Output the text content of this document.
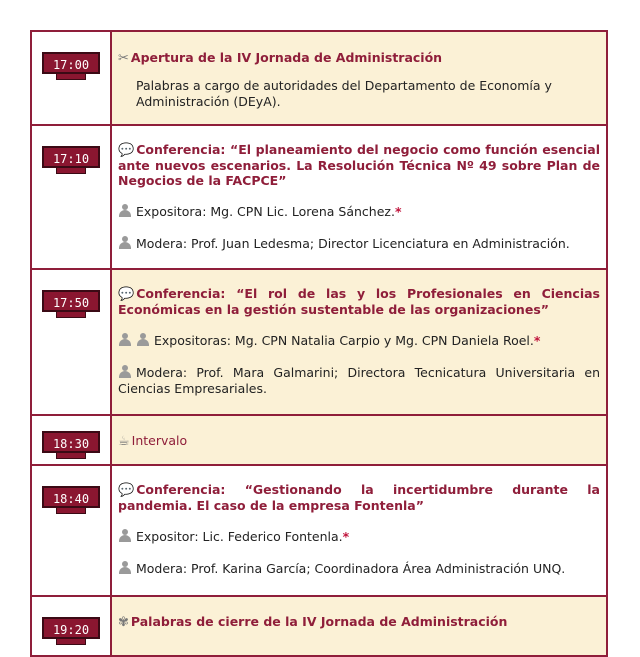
17:00	✂ Apertura de la IV Jornada de Administración
Palabras a cargo de autoridades del Departamento de Economía y Administración (DEyA).

17:10	💬 Conferencia: “El planeamiento del negocio como función esencial ante nuevos escenarios. La Resolución Técnica Nº 49 sobre Plan de Negocios de la FACPCE”
Expositora: Mg. CPN Lic. Lorena Sánchez.*
Modera: Prof. Juan Ledesma; Director Licenciatura en Administración.

17:50	💬 Conferencia: “El rol de las y los Profesionales en Ciencias Económicas en la gestión sustentable de las organizaciones”
Expositoras: Mg. CPN Natalia Carpio y Mg. CPN Daniela Roel.*
Modera: Prof. Mara Galmarini; Directora Tecnicatura Universitaria en Ciencias Empresariales.

18:30	☕ Intervalo

18:40	💬 Conferencia: “Gestionando la incertidumbre durante la pandemia. El caso de la empresa Fontenla”
Expositor: Lic. Federico Fontenla.*
Modera: Prof. Karina García; Coordinadora Área Administración UNQ.

19:20	✾ Palabras de cierre de la IV Jornada de Administración
